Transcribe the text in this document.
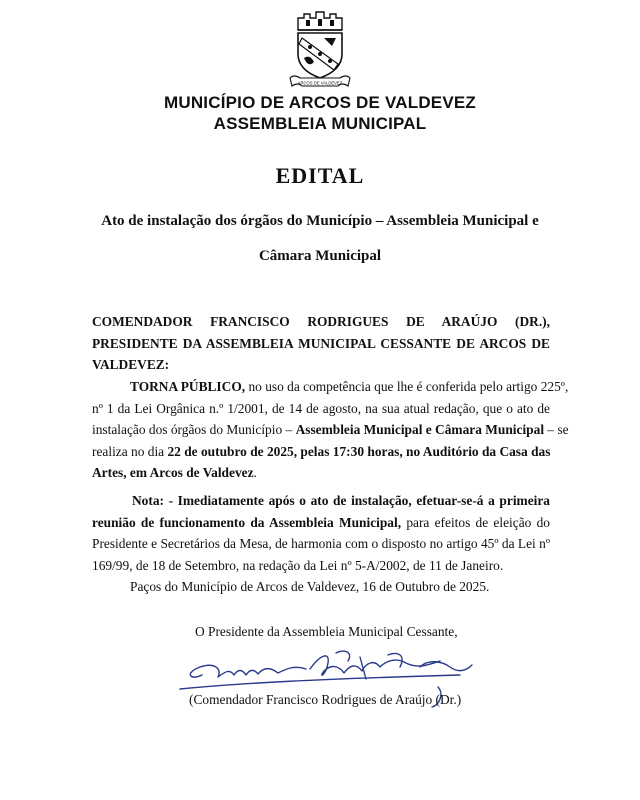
ARCOS DE VALDEVEZ
MUNICÍPIO DE ARCOS DE VALDEVEZ
ASSEMBLEIA MUNICIPAL
EDITAL
Ato de instalação dos órgãos do Município – Assembleia Municipal e
Câmara Municipal
COMENDADOR FRANCISCO RODRIGUES DE ARAÚJO (DR.),
PRESIDENTE DA ASSEMBLEIA MUNICIPAL CESSANTE DE ARCOS DE
VALDEVEZ:
TORNA PÚBLICO, no uso da competência que lhe é conferida pelo artigo 225º,
nº 1 da Lei Orgânica n.º 1/2001, de 14 de agosto, na sua atual redação, que o ato de
instalação dos órgãos do Município – Assembleia Municipal e Câmara Municipal – se
realiza no dia 22 de outubro de 2025, pelas 17:30 horas, no Auditório da Casa das
Artes, em Arcos de Valdevez.
Nota: - Imediatamente após o ato de instalação, efetuar-se-á a primeira
reunião de funcionamento da Assembleia Municipal, para efeitos de eleição do
Presidente e Secretários da Mesa, de harmonia com o disposto no artigo 45º da Lei nº
169/99, de 18 de Setembro, na redação da Lei nº 5-A/2002, de 11 de Janeiro.
Paços do Município de Arcos de Valdevez, 16 de Outubro de 2025.
O Presidente da Assembleia Municipal Cessante,
(Comendador Francisco Rodrigues de Araújo (Dr.)
